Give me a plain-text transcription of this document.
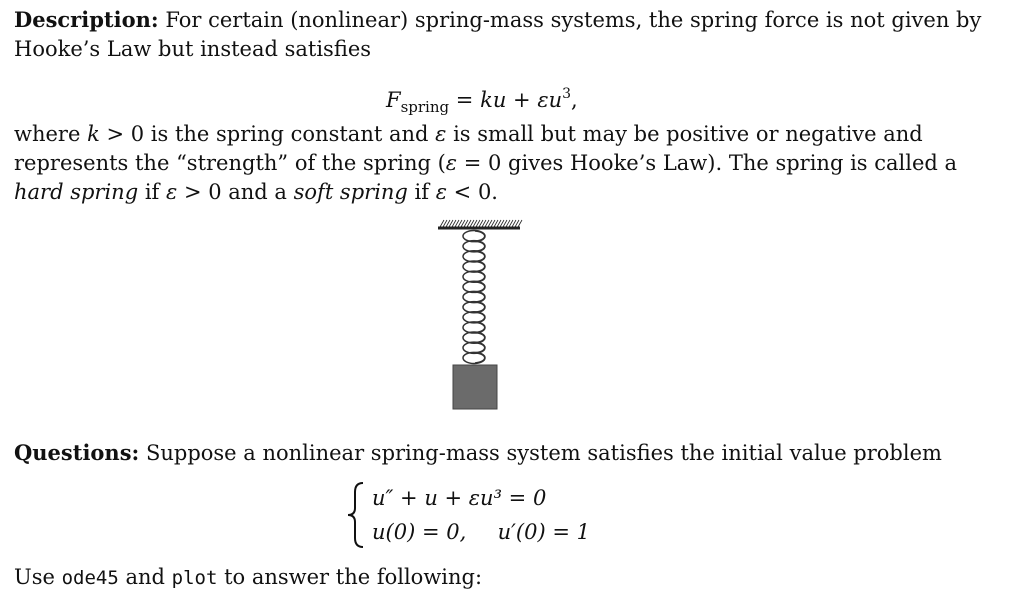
Description: For certain (nonlinear) spring-mass systems, the spring force is not given by
Hooke’s Law but instead satisfies
$F_{spring}$ = ku + $\varepsilon u^3$,
where k > 0 is the spring constant and ε is small but may be positive or negative and
represents the “strength” of the spring (ε = 0 gives Hooke’s Law). The spring is called a
hard spring if ε > 0 and a soft spring if ε < 0.
Questions: Suppose a nonlinear spring-mass system satisfies the initial value problem
u″ + u + εu³ = 0
u(0) = 0, u′(0) = 1
Use ode45 and plot to answer the following:
